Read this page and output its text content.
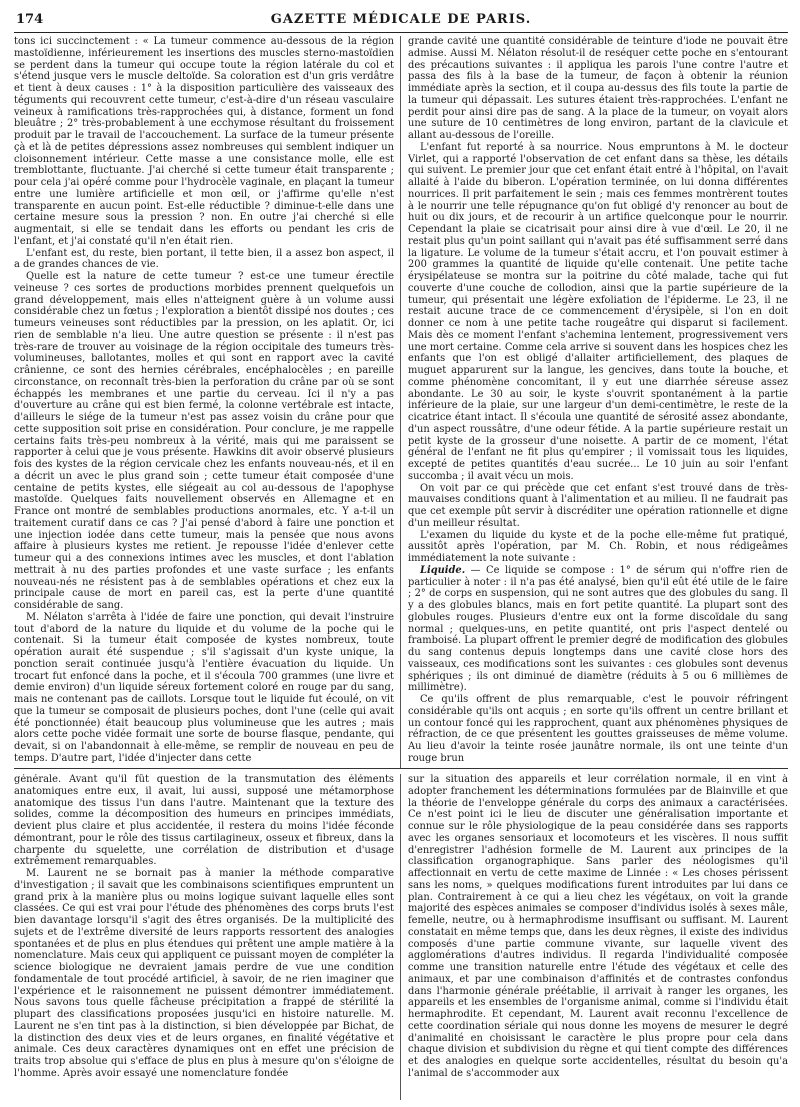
174	GAZETTE MÉDICALE DE PARIS.

tons ici succinctement : « La tumeur commence au-dessous de la région mastoïdienne, inférieurement les insertions des muscles sterno-mastoïdien se perdent dans la tumeur qui occupe toute la région latérale du col et s'étend jusque vers le muscle deltoïde. Sa coloration est d'un gris verdâtre et tient à deux causes : 1° à la disposition particulière des vaisseaux des téguments qui recouvrent cette tumeur, c'est-à-dire d'un réseau vasculaire veineux à ramifications très-rapprochées qui, à distance, forment un fond bleuâtre ; 2° très-probablement à une ecchymose résultant du froissement produit par le travail de l'accouchement. La surface de la tumeur présente çà et là de petites dépressions assez nombreuses qui semblent indiquer un cloisonnement intérieur. Cette masse a une consistance molle, elle est tremblottante, fluctuante. J'ai cherché si cette tumeur était transparente ; pour cela j'ai opéré comme pour l'hydrocèle vaginale, en plaçant la tumeur entre une lumière artificielle et mon œil, or j'affirme qu'elle n'est transparente en aucun point. Est-elle réductible ? diminue-t-elle dans une certaine mesure sous la pression ? non. En outre j'ai cherché si elle augmentait, si elle se tendait dans les efforts ou pendant les cris de l'enfant, et j'ai constaté qu'il n'en était rien.

L'enfant est, du reste, bien portant, il tette bien, il a assez bon aspect, il a de grandes chances de vie.

Quelle est la nature de cette tumeur ? est-ce une tumeur érectile veineuse ? ces sortes de productions morbides prennent quelquefois un grand développement, mais elles n'atteignent guère à un volume aussi considérable chez un fœtus ; l'exploration a bientôt dissipé nos doutes ; ces tumeurs veineuses sont réductibles par la pression, on les aplatit. Or, ici rien de semblable n'a lieu. Une autre question se présente : il n'est pas très-rare de trouver au voisinage de la région occipitale des tumeurs très-volumineuses, ballotantes, molles et qui sont en rapport avec la cavité crânienne, ce sont des hernies cérébrales, encéphalocèles ; en pareille circonstance, on reconnaît très-bien la perforation du crâne par où se sont échappés les membranes et une partie du cerveau. Ici il n'y a pas d'ouverture au crâne qui est bien fermé, la colonne vertébrale est intacte, d'ailleurs le siége de la tumeur n'est pas assez voisin du crâne pour que cette supposition soit prise en considération. Pour conclure, je me rappelle certains faits très-peu nombreux à la vérité, mais qui me paraissent se rapporter à celui que je vous présente. Hawkins dit avoir observé plusieurs fois des kystes de la région cervicale chez les enfants nouveau-nés, et il en a décrit un avec le plus grand soin ; cette tumeur était composée d'une centaine de petits kystes, elle siégeait au col au-dessous de l'apophyse mastoïde. Quelques faits nouvellement observés en Allemagne et en France ont montré de semblables productions anormales, etc. Y a-t-il un traitement curatif dans ce cas ? J'ai pensé d'abord à faire une ponction et une injection iodée dans cette tumeur, mais la pensée que nous avons affaire à plusieurs kystes me retient. Je repousse l'idée d'enlever cette tumeur qui a des connexions intimes avec les muscles, et dont l'ablation mettrait à nu des parties profondes et une vaste surface ; les enfants nouveau-nés ne résistent pas à de semblables opérations et chez eux la principale cause de mort en pareil cas, est la perte d'une quantité considérable de sang.

M. Nélaton s'arrêta à l'idée de faire une ponction, qui devait l'instruire tout d'abord de la nature du liquide et du volume de la poche qui le contenait. Si la tumeur était composée de kystes nombreux, toute opération aurait été suspendue ; s'il s'agissait d'un kyste unique, la ponction serait continuée jusqu'à l'entière évacuation du liquide. Un trocart fut enfoncé dans la poche, et il s'écoula 700 grammes (une livre et demie environ) d'un liquide séreux fortement coloré en rouge par du sang, mais ne contenant pas de caillots. Lorsque tout le liquide fut écoulé, on vit que la tumeur se composait de plusieurs poches, dont l'une (celle qui avait été ponctionnée) était beaucoup plus volumineuse que les autres ; mais alors cette poche vidée formait une sorte de bourse flasque, pendante, qui devait, si on l'abandonnait à elle-même, se remplir de nouveau en peu de temps. D'autre part, l'idée d'injecter dans cette

grande cavité une quantité considérable de teinture d'iode ne pouvait être admise. Aussi M. Nélaton résolut-il de reséquer cette poche en s'entourant des précautions suivantes : il appliqua les parois l'une contre l'autre et passa des fils à la base de la tumeur, de façon à obtenir la réunion immédiate après la section, et il coupa au-dessus des fils toute la partie de la tumeur qui dépassait. Les sutures étaient très-rapprochées. L'enfant ne perdit pour ainsi dire pas de sang. A la place de la tumeur, on voyait alors une suture de 10 centimètres de long environ, partant de la clavicule et allant au-dessous de l'oreille.

L'enfant fut reporté à sa nourrice. Nous empruntons à M. le docteur Virlet, qui a rapporté l'observation de cet enfant dans sa thèse, les détails qui suivent. Le premier jour que cet enfant était entré à l'hôpital, on l'avait allaité à l'aide du biberon. L'opération terminée, on lui donna différentes nourrices. Il prit parfaitement le sein ; mais ces femmes montrèrent toutes à le nourrir une telle répugnance qu'on fut obligé d'y renoncer au bout de huit ou dix jours, et de recourir à un artifice quelconque pour le nourrir. Cependant la plaie se cicatrisait pour ainsi dire à vue d'œil. Le 20, il ne restait plus qu'un point saillant qui n'avait pas été suffisamment serré dans la ligature. Le volume de la tumeur s'était accru, et l'on pouvait estimer à 200 grammes la quantité de liquide qu'elle contenait. Une petite tache érysipélateuse se montra sur la poitrine du côté malade, tache qui fut couverte d'une couche de collodion, ainsi que la partie supérieure de la tumeur, qui présentait une légère exfoliation de l'épiderme. Le 23, il ne restait aucune trace de ce commencement d'érysipèle, si l'on en doit donner ce nom à une petite tache rougeâtre qui disparut si facilement. Mais dès ce moment l'enfant s'achemina lentement, progressivement vers une mort certaine. Comme cela arrive si souvent dans les hospices chez les enfants que l'on est obligé d'allaiter artificiellement, des plaques de muguet apparurent sur la langue, les gencives, dans toute la bouche, et comme phénomène concomitant, il y eut une diarrhée séreuse assez abondante. Le 30 au soir, le kyste s'ouvrit spontanément à la partie inférieure de la plaie, sur une largeur d'un demi-centimètre, le reste de la cicatrice étant intact. Il s'écoula une quantité de sérosité assez abondante, d'un aspect roussâtre, d'une odeur fétide. A la partie supérieure restait un petit kyste de la grosseur d'une noisette. A partir de ce moment, l'état général de l'enfant ne fit plus qu'empirer ; il vomissait tous les liquides, excepté de petites quantités d'eau sucrée... Le 10 juin au soir l'enfant succomba ; il avait vécu un mois.

On voit par ce qui précède que cet enfant s'est trouvé dans de très-mauvaises conditions quant à l'alimentation et au milieu. Il ne faudrait pas que cet exemple pût servir à discréditer une opération rationnelle et digne d'un meilleur résultat.

L'examen du liquide du kyste et de la poche elle-même fut pratiqué, aussitôt après l'opération, par M. Ch. Robin, et nous rédigeâmes immédiatement la note suivante :

Liquide. — Ce liquide se compose : 1° de sérum qui n'offre rien de particulier à noter : il n'a pas été analysé, bien qu'il eût été utile de le faire ; 2° de corps en suspension, qui ne sont autres que des globules du sang. Il y a des globules blancs, mais en fort petite quantité. La plupart sont des globules rouges. Plusieurs d'entre eux ont la forme discoïdale du sang normal ; quelques-uns, en petite quantité, ont pris l'aspect dentelé ou framboisé. La plupart offrent le premier degré de modification des globules du sang contenus depuis longtemps dans une cavité close hors des vaisseaux, ces modifications sont les suivantes : ces globules sont devenus sphériques ; ils ont diminué de diamètre (réduits à 5 ou 6 millièmes de millimètre).

Ce qu'ils offrent de plus remarquable, c'est le pouvoir réfringent considérable qu'ils ont acquis ; en sorte qu'ils offrent un centre brillant et un contour foncé qui les rapprochent, quant aux phénomènes physiques de réfraction, de ce que présentent les gouttes graisseuses de même volume. Au lieu d'avoir la teinte rosée jaunâtre normale, ils ont une teinte d'un rouge brun

générale. Avant qu'il fût question de la transmutation des éléments anatomiques entre eux, il avait, lui aussi, supposé une métamorphose anatomique des tissus l'un dans l'autre. Maintenant que la texture des solides, comme la décomposition des humeurs en principes immédiats, devient plus claire et plus accidentée, il restera du moins l'idée féconde démontrant, pour le rôle des tissus cartilagineux, osseux et fibreux, dans la charpente du squelette, une corrélation de distribution et d'usage extrêmement remarquables.

M. Laurent ne se bornait pas à manier la méthode comparative d'investigation ; il savait que les combinaisons scientifiques empruntent un grand prix à la manière plus ou moins logique suivant laquelle elles sont classées. Ce qui est vrai pour l'étude des phénomènes des corps bruts l'est bien davantage lorsqu'il s'agit des êtres organisés. De la multiplicité des sujets et de l'extrême diversité de leurs rapports ressortent des analogies spontanées et de plus en plus étendues qui prêtent une ample matière à la nomenclature. Mais ceux qui appliquent ce puissant moyen de compléter la science biologique ne devraient jamais perdre de vue une condition fondamentale de tout procédé artificiel, à savoir, de ne rien imaginer que l'expérience et le raisonnement ne puissent démontrer immédiatement. Nous savons tous quelle fâcheuse précipitation a frappé de stérilité la plupart des classifications proposées jusqu'ici en histoire naturelle. M. Laurent ne s'en tint pas à la distinction, si bien développée par Bichat, de la distinction des deux vies et de leurs organes, en finalité végétative et animale. Ces deux caractères dynamiques ont en effet une précision de traits trop absolue qui s'efface de plus en plus à mesure qu'on s'éloigne de l'homme. Après avoir essayé une nomenclature fondée

sur la situation des appareils et leur corrélation normale, il en vint à adopter franchement les déterminations formulées par de Blainville et que la théorie de l'enveloppe générale du corps des animaux a caractérisées. Ce n'est point ici le lieu de discuter une généralisation importante et connue sur le rôle physiologique de la peau considérée dans ses rapports avec les organes sensoriaux et locomoteurs et les viscères. Il nous suffit d'enregistrer l'adhésion formelle de M. Laurent aux principes de la classification organographique. Sans parler des néologismes qu'il affectionnait en vertu de cette maxime de Linnée : « Les choses périssent sans les noms, » quelques modifications furent introduites par lui dans ce plan. Contrairement à ce qui a lieu chez les végétaux, on voit la grande majorité des espèces animales se composer d'individus isolés à sexes mâle, femelle, neutre, ou à hermaphrodisme insuffisant ou suffisant. M. Laurent constatait en même temps que, dans les deux règnes, il existe des individus composés d'une partie commune vivante, sur laquelle vivent des agglomérations d'autres individus. Il regarda l'individualité composée comme une transition naturelle entre l'étude des végétaux et celle des animaux, et par une combinaison d'affinités et de contrastes confondus dans l'harmonie générale préétablie, il arrivait à ranger les organes, les appareils et les ensembles de l'organisme animal, comme si l'individu était hermaphrodite. Et cependant, M. Laurent avait reconnu l'excellence de cette coordination sériale qui nous donne les moyens de mesurer le degré d'animalité en choisissant le caractère le plus propre pour cela dans chaque division et subdivision du règne et qui tient compte des différences et des analogies en quelque sorte accidentelles, résultat du besoin qu'a l'animal de s'accommoder aux
